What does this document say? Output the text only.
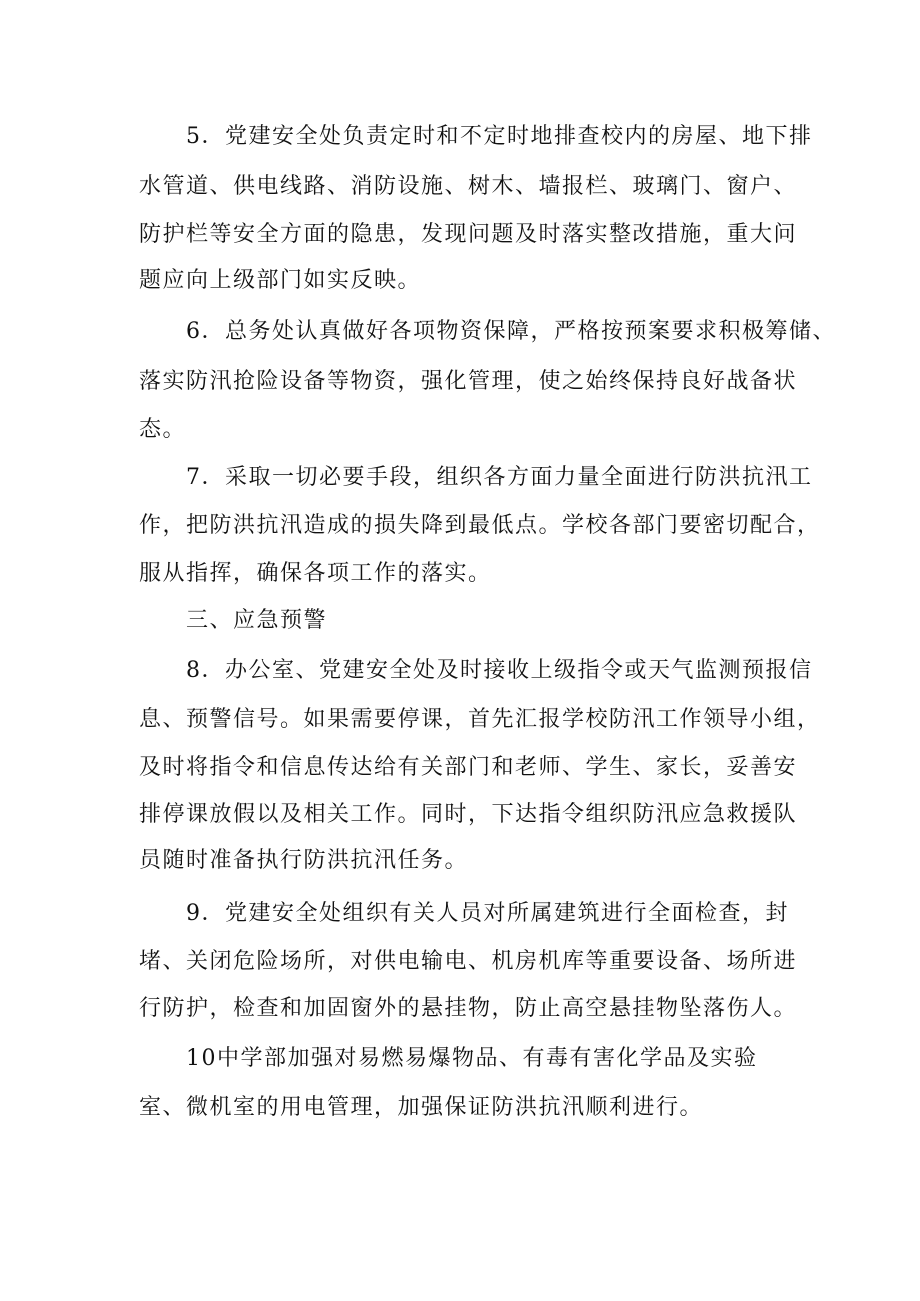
5．党建安全处负责定时和不定时地排查校内的房屋、地下排
水管道、供电线路、消防设施、树木、墙报栏、玻璃门、窗户、
防护栏等安全方面的隐患，发现问题及时落实整改措施，重大问
题应向上级部门如实反映。
6．总务处认真做好各项物资保障，严格按预案要求积极筹储、
落实防汛抢险设备等物资，强化管理，使之始终保持良好战备状
态。
7．采取一切必要手段，组织各方面力量全面进行防洪抗汛工
作，把防洪抗汛造成的损失降到最低点。学校各部门要密切配合，
服从指挥，确保各项工作的落实。
三、应急预警
8．办公室、党建安全处及时接收上级指令或天气监测预报信
息、预警信号。如果需要停课，首先汇报学校防汛工作领导小组，
及时将指令和信息传达给有关部门和老师、学生、家长，妥善安
排停课放假以及相关工作。同时，下达指令组织防汛应急救援队
员随时准备执行防洪抗汛任务。
9．党建安全处组织有关人员对所属建筑进行全面检查，封
堵、关闭危险场所，对供电输电、机房机库等重要设备、场所进
行防护，检查和加固窗外的悬挂物，防止高空悬挂物坠落伤人。
10中学部加强对易燃易爆物品、有毒有害化学品及实验
室、微机室的用电管理，加强保证防洪抗汛顺利进行。
